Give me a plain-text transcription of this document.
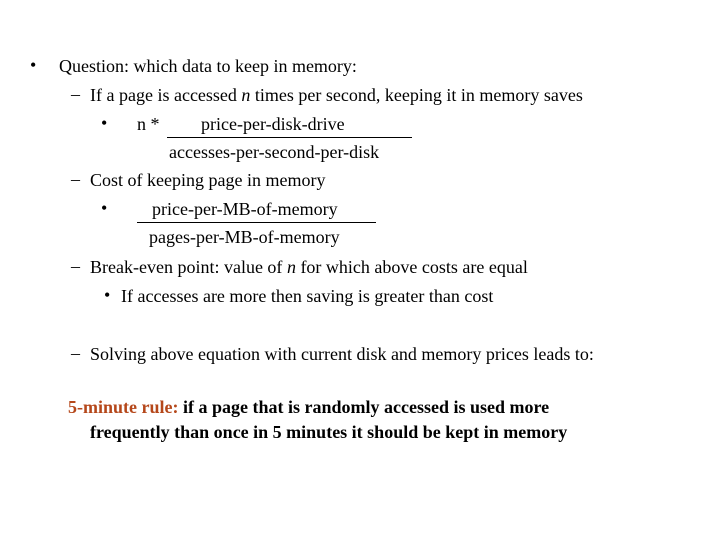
• Question: which data to keep in memory:
– If a page is accessed n times per second, keeping it in memory saves
• n * price-per-disk-drive
accesses-per-second-per-disk
– Cost of keeping page in memory
• price-per-MB-of-memory
pages-per-MB-of-memory
– Break-even point: value of n for which above costs are equal
• If accesses are more then saving is greater than cost
– Solving above equation with current disk and memory prices leads to:
5-minute rule: if a page that is randomly accessed is used more
frequently than once in 5 minutes it should be kept in memory
